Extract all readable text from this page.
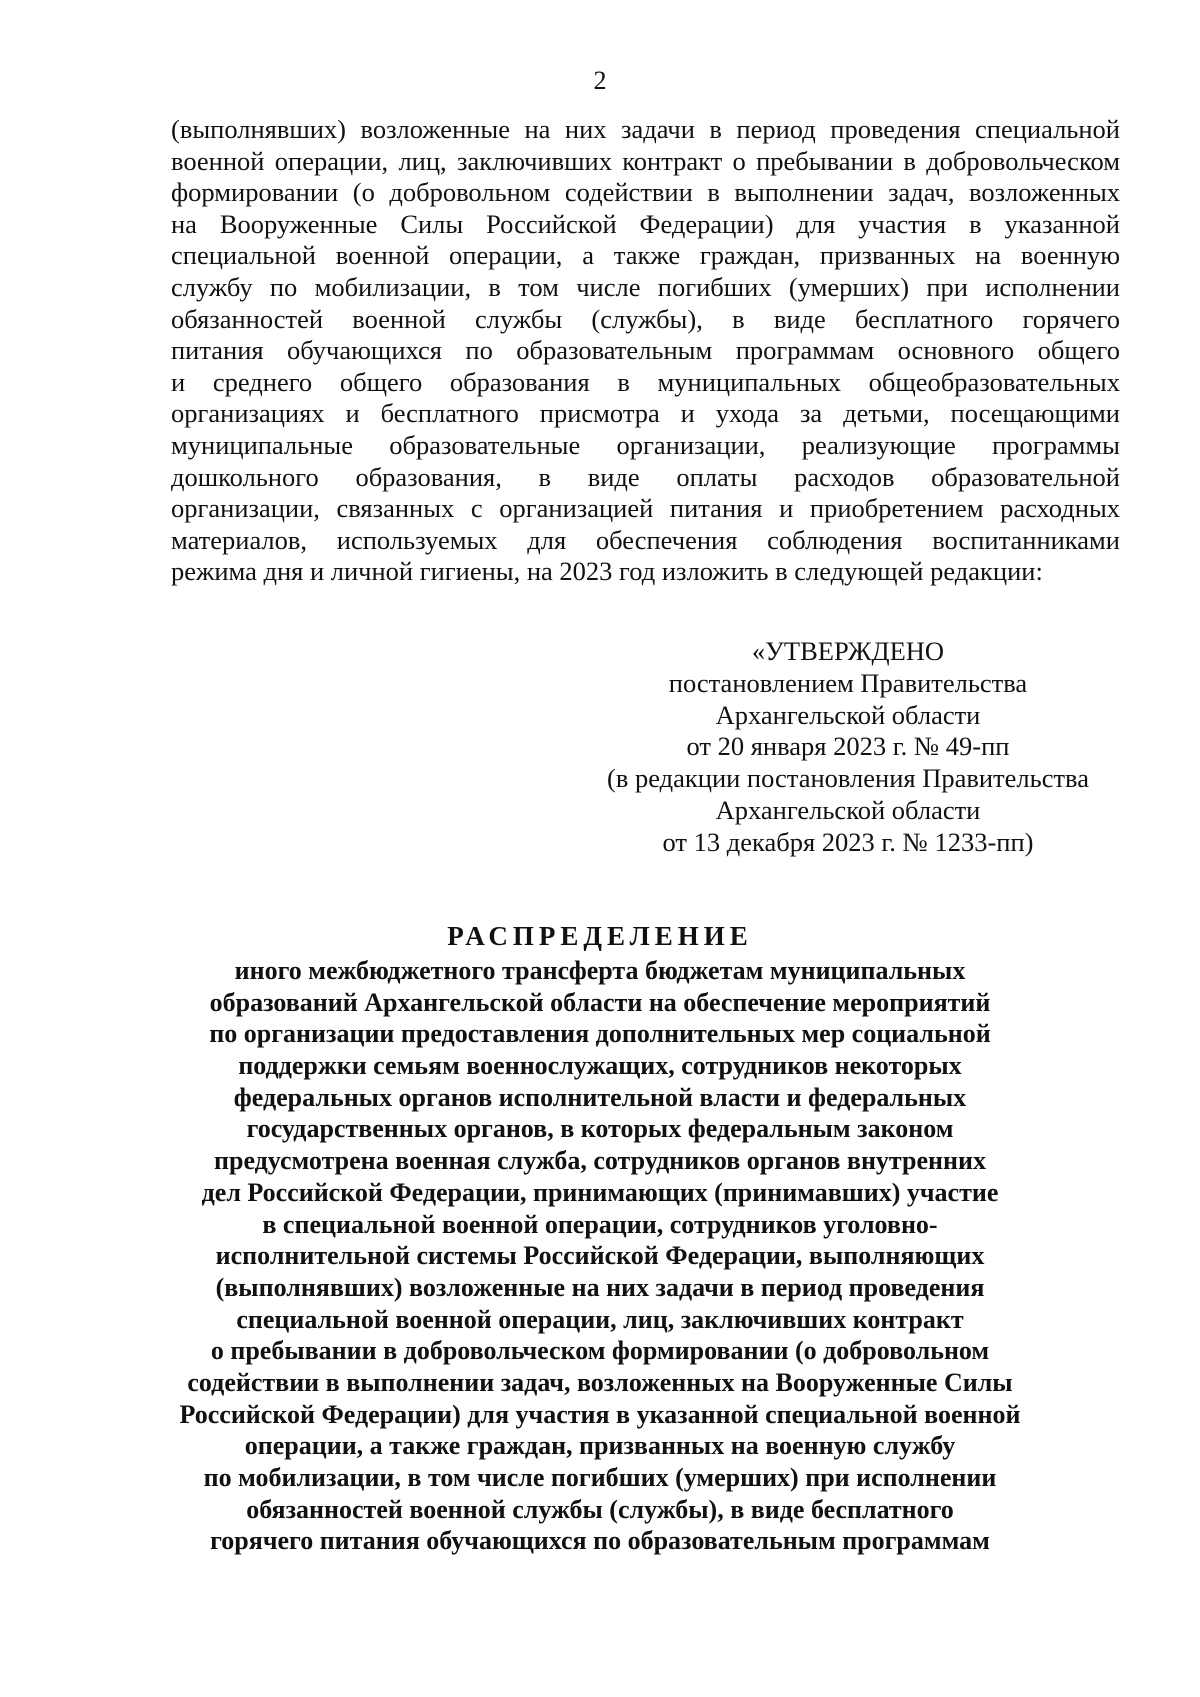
2
(выполнявших) возложенные на них задачи в период проведения специальной
военной операции, лиц, заключивших контракт о пребывании в добровольческом
формировании (о добровольном содействии в выполнении задач, возложенных
на Вооруженные Силы Российской Федерации) для участия в указанной
специальной военной операции, а также граждан, призванных на военную
службу по мобилизации, в том числе погибших (умерших) при исполнении
обязанностей военной службы (службы), в виде бесплатного горячего
питания обучающихся по образовательным программам основного общего
и среднего общего образования в муниципальных общеобразовательных
организациях и бесплатного присмотра и ухода за детьми, посещающими
муниципальные образовательные организации, реализующие программы
дошкольного образования, в виде оплаты расходов образовательной
организации, связанных с организацией питания и приобретением расходных
материалов, используемых для обеспечения соблюдения воспитанниками
режима дня и личной гигиены, на 2023 год изложить в следующей редакции:
«УТВЕРЖДЕНО
постановлением Правительства
Архангельской области
от 20 января 2023 г. № 49-пп
(в редакции постановления Правительства
Архангельской области
от 13 декабря 2023 г. № 1233-пп)
РАСПРЕДЕЛЕНИЕ
иного межбюджетного трансферта бюджетам муниципальных
образований Архангельской области на обеспечение мероприятий
по организации предоставления дополнительных мер социальной
поддержки семьям военнослужащих, сотрудников некоторых
федеральных органов исполнительной власти и федеральных
государственных органов, в которых федеральным законом
предусмотрена военная служба, сотрудников органов внутренних
дел Российской Федерации, принимающих (принимавших) участие
в специальной военной операции, сотрудников уголовно-
исполнительной системы Российской Федерации, выполняющих
(выполнявших) возложенные на них задачи в период проведения
специальной военной операции, лиц, заключивших контракт
о пребывании в добровольческом формировании (о добровольном
содействии в выполнении задач, возложенных на Вооруженные Силы
Российской Федерации) для участия в указанной специальной военной
операции, а также граждан, призванных на военную службу
по мобилизации, в том числе погибших (умерших) при исполнении
обязанностей военной службы (службы), в виде бесплатного
горячего питания обучающихся по образовательным программам
